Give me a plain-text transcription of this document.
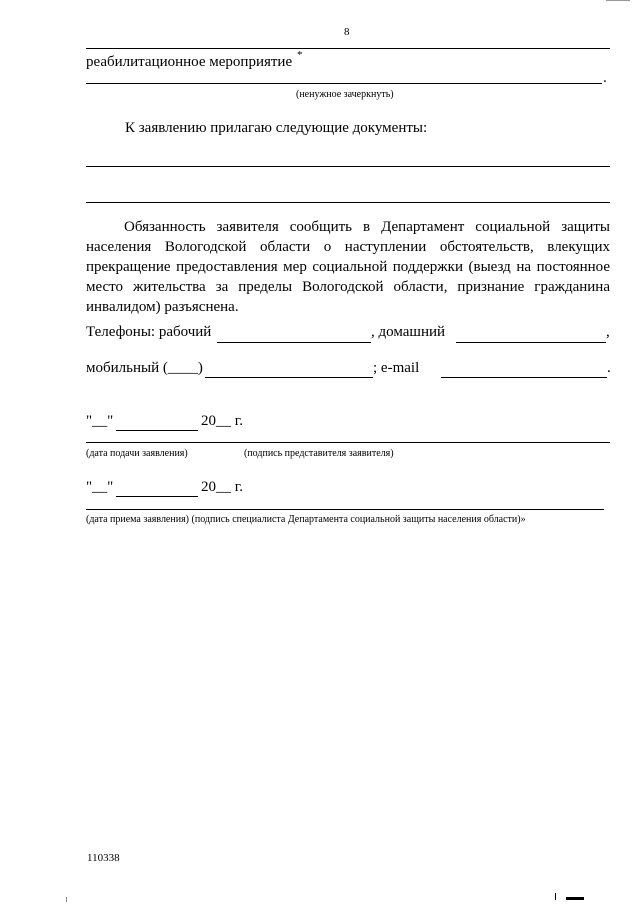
8
реабилитационное мероприятие *
.
(ненужное зачеркнуть)
К заявлению прилагаю следующие документы:
Обязанность заявителя сообщить в Департамент социальной защиты населения Вологодской области о наступлении обстоятельств, влекущих прекращение предоставления мер социальной поддержки (выезд на постоянное место жительства за пределы Вологодской области, признание гражданина инвалидом) разъяснена.
Телефоны: рабочий	, домашний	,
мобильный (____)	; e-mail	.
"__"	20__ г.
(дата подачи заявления)	(подпись представителя заявителя)
"__"	20__ г.
(дата приема заявления) (подпись специалиста Департамента социальной защиты населения области)»
110338
